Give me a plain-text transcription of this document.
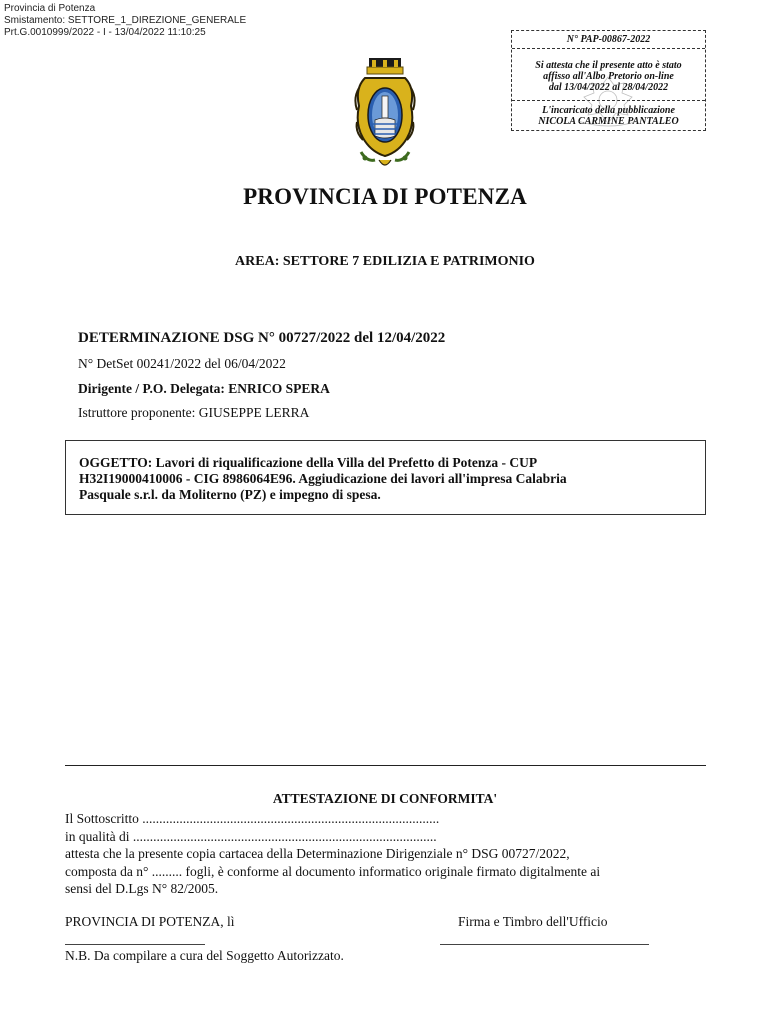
Provincia di Potenza
Smistamento: SETTORE_1_DIREZIONE_GENERALE
Prt.G.0010999/2022 - I - 13/04/2022 11:10:25
N° PAP-00867-2022
Si attesta che il presente atto è stato
affisso all'Albo Pretorio on-line
dal 13/04/2022 al 28/04/2022
L'incaricato della pubblicazione
NICOLA CARMINE PANTALEO
PROVINCIA DI POTENZA
AREA: SETTORE 7 EDILIZIA E PATRIMONIO
DETERMINAZIONE DSG N° 00727/2022 del 12/04/2022
N° DetSet 00241/2022 del 06/04/2022
Dirigente / P.O. Delegata: ENRICO SPERA
Istruttore proponente: GIUSEPPE LERRA
OGGETTO: Lavori di riqualificazione della Villa del Prefetto di Potenza - CUP
H32I19000410006 - CIG 8986064E96. Aggiudicazione dei lavori all'impresa Calabria
Pasquale s.r.l. da Moliterno (PZ) e impegno di spesa.
ATTESTAZIONE DI CONFORMITA'
Il Sottoscritto ........................................................................................
in qualità di ..........................................................................................
attesta che la presente copia cartacea della Determinazione Dirigenziale n° DSG 00727/2022,
composta da n° ......... fogli, è conforme al documento informatico originale firmato digitalmente ai
sensi del D.Lgs N° 82/2005.
PROVINCIA DI POTENZA, lì	Firma e Timbro dell'Ufficio
N.B. Da compilare a cura del Soggetto Autorizzato.
